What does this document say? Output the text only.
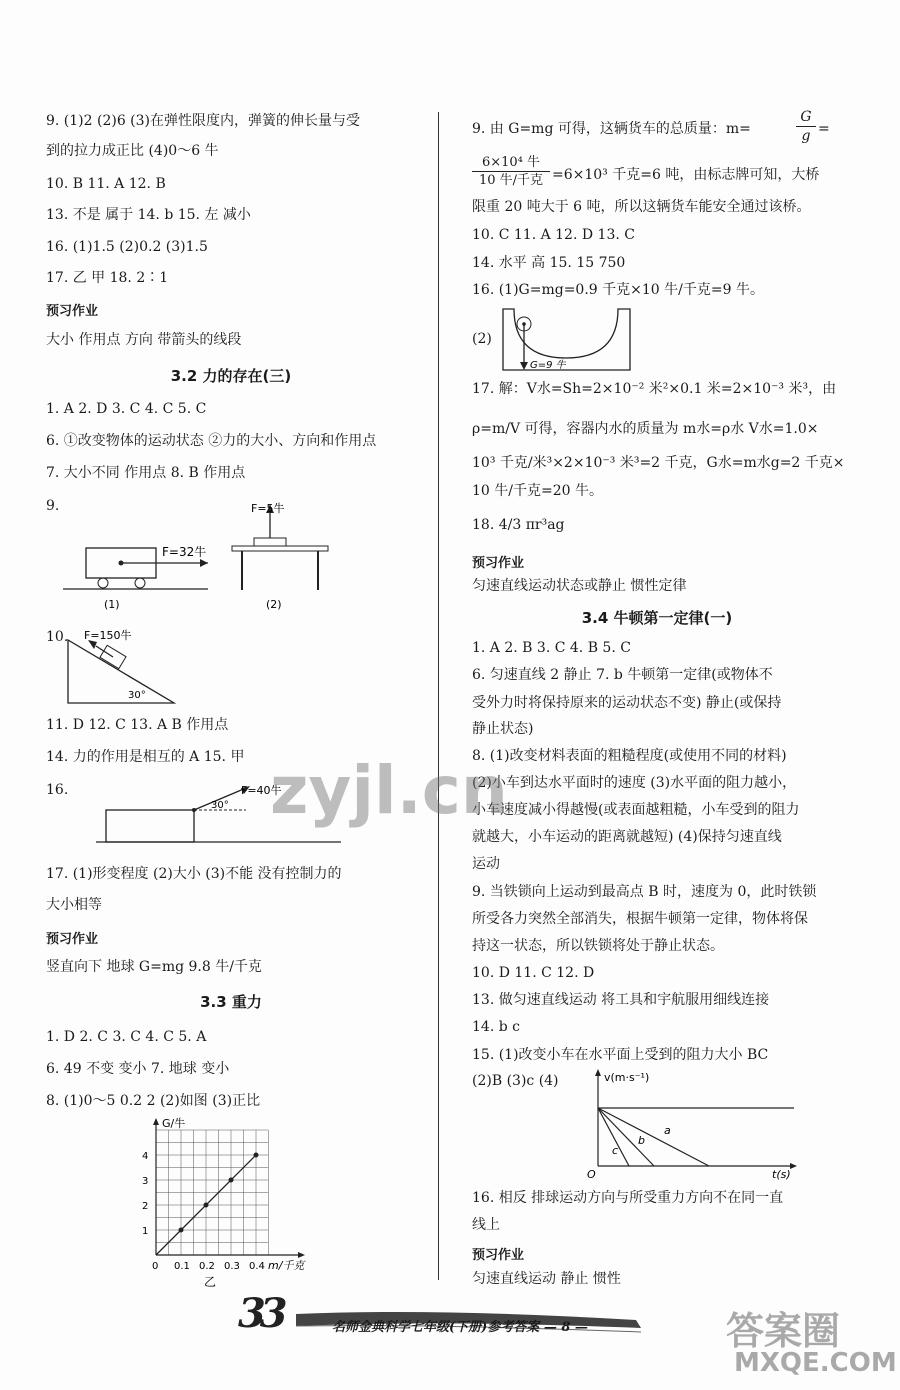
9. (1)2 (2)6 (3)在弹性限度内，弹簧的伸长量与受
到的拉力成正比 (4)0～6 牛
10. B 11. A 12. B
13. 不是 属于 14. b 15. 左 减小
16. (1)1.5 (2)0.2 (3)1.5
17. 乙 甲 18. 2∶1
预习作业
大小 作用点 方向 带箭头的线段
3.2 力的存在(三)
1. A 2. D 3. C 4. C 5. C
6. ①改变物体的运动状态 ②力的大小、方向和作用点
7. 大小不同 作用点 8. B 作用点
9.
F=32牛
(1)
F=5牛
(2)
10. F=150牛
30°
11. D 12. C 13. A B 作用点
14. 力的作用是相互的 A 15. 甲
16.	F=40牛
30°
17. (1)形变程度 (2)大小 (3)不能 没有控制力的
大小相等
预习作业
竖直向下 地球 G=mg 9.8 牛/千克
3.3 重力
1. D 2. C 3. C 4. C 5. A
6. 49 不变 变小 7. 地球 变小
8. (1)0～5 0.2 2 (2)如图 (3)正比
G/牛
1
2
3
4
0 0.1 0.2 0.3 0.4 m/千克
乙
9. 由 G=mg 可得，这辆货车的总质量：m=	$\frac{G}{g}$ =
6×10⁴ 牛
10 牛/千克 =6×10³ 千克=6 吨，由标志牌可知，大桥
限重 20 吨大于 6 吨，所以这辆货车能安全通过该桥。
10. C 11. A 12. D 13. C
14. 水平 高 15. 15 750
16. (1)G=mg=0.9 千克×10 牛/千克=9 牛。
(2)
G=9 牛
17. 解：V水=Sh=2×10⁻² 米²×0.1 米=2×10⁻³ 米³，由
ρ=m/V 可得，容器内水的质量为 m水=ρ水 V水=1.0×
10³ 千克/米³×2×10⁻³ 米³=2 千克，G水=m水g=2 千克×
10 牛/千克=20 牛。
18. 4/3 πr³ag
预习作业
匀速直线运动状态或静止 惯性定律
3.4 牛顿第一定律(一)
1. A 2. B 3. C 4. B 5. C
6. 匀速直线 2 静止 7. b 牛顿第一定律(或物体不
受外力时将保持原来的运动状态不变) 静止(或保持
静止状态)
8. (1)改变材料表面的粗糙程度(或使用不同的材料)
(2)小车到达水平面时的速度 (3)水平面的阻力越小，
小车速度减小得越慢(或表面越粗糙，小车受到的阻力
就越大，小车运动的距离就越短) (4)保持匀速直线
运动
9. 当铁锁向上运动到最高点 B 时，速度为 0，此时铁锁
所受各力突然全部消失，根据牛顿第一定律，物体将保
持这一状态，所以铁锁将处于静止状态。
10. D 11. C 12. D
13. 做匀速直线运动 将工具和宇航服用细线连接
14. b c
15. (1)改变小车在水平面上受到的阻力大小 BC
(2)B (3)c (4)	v(m·s⁻¹)
t(s)
O
a
b
c
16. 相反 排球运动方向与所受重力方向不在同一直
线上
预习作业
匀速直线运动 静止 惯性
3 3	名师金典科学七年级(下册)参考答案 — 8 —
zyjl.cn
答案圈
MXQE.COM
